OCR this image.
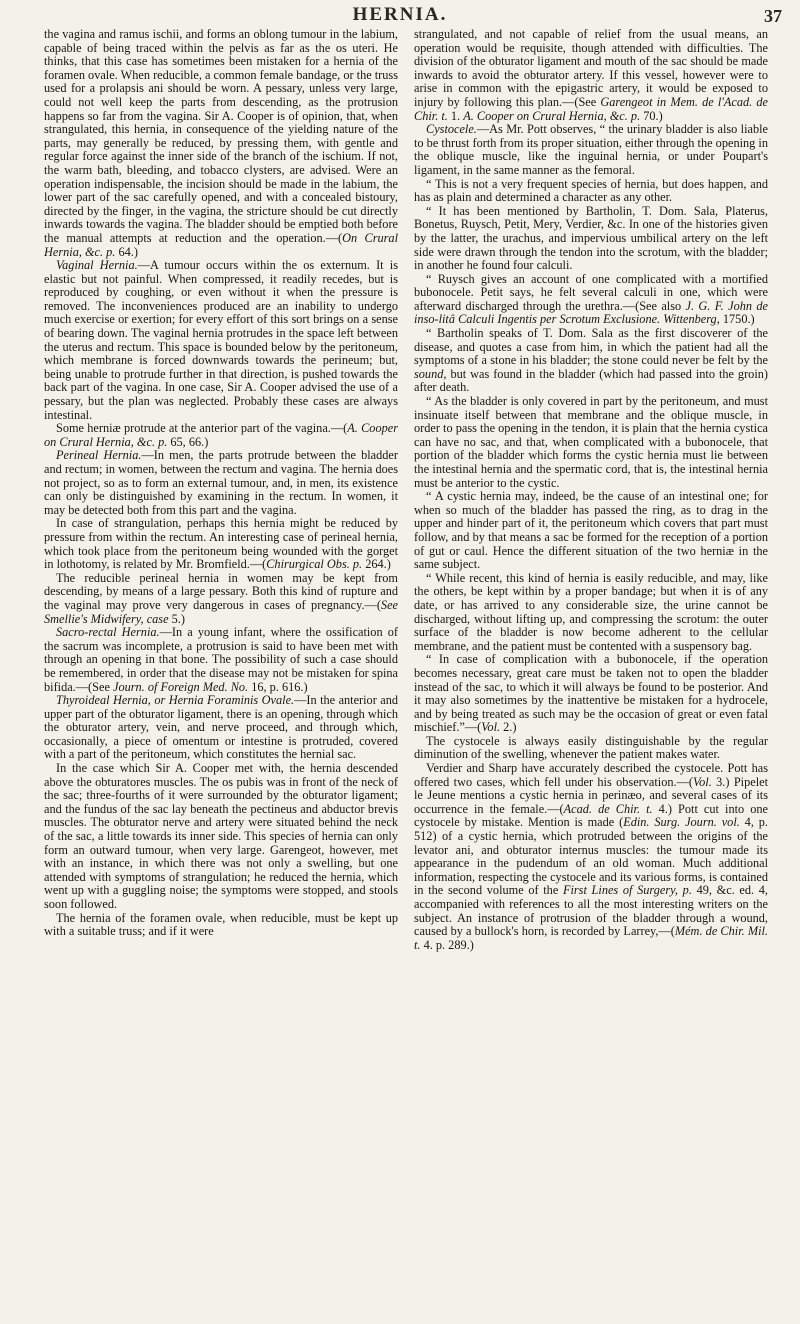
HERNIA.	37

the vagina and ramus ischii, and forms an oblong tumour in the labium, capable of being traced within the pelvis as far as the os uteri. He thinks, that this case has sometimes been mistaken for a hernia of the foramen ovale. When reducible, a common female bandage, or the truss used for a prolapsis ani should be worn. A pessary, unless very large, could not well keep the parts from descending, as the protrusion happens so far from the vagina. Sir A. Cooper is of opinion, that, when strangulated, this hernia, in consequence of the yielding nature of the parts, may generally be reduced, by pressing them, with gentle and regular force against the inner side of the branch of the ischium. If not, the warm bath, bleeding, and tobacco clysters, are advised. Were an operation indispensable, the incision should be made in the labium, the lower part of the sac carefully opened, and with a concealed bistoury, directed by the finger, in the vagina, the stricture should be cut directly inwards towards the vagina. The bladder should be emptied both before the manual attempts at reduction and the operation.—(On Crural Hernia, &c. p. 64.)

Vaginal Hernia.—A tumour occurs within the os externum. It is elastic but not painful. When compressed, it readily recedes, but is reproduced by coughing, or even without it when the pressure is removed. The inconveniences produced are an inability to undergo much exercise or exertion; for every effort of this sort brings on a sense of bearing down. The vaginal hernia protrudes in the space left between the uterus and rectum. This space is bounded below by the peritoneum, which membrane is forced downwards towards the perineum; but, being unable to protrude further in that direction, is pushed towards the back part of the vagina. In one case, Sir A. Cooper advised the use of a pessary, but the plan was neglected. Probably these cases are always intestinal.

Some herniæ protrude at the anterior part of the vagina.—(A. Cooper on Crural Hernia, &c. p. 65, 66.)

Perineal Hernia.—In men, the parts protrude between the bladder and rectum; in women, between the rectum and vagina. The hernia does not project, so as to form an external tumour, and, in men, its existence can only be distinguished by examining in the rectum. In women, it may be detected both from this part and the vagina.

In case of strangulation, perhaps this hernia might be reduced by pressure from within the rectum. An interesting case of perineal hernia, which took place from the peritoneum being wounded with the gorget in lothotomy, is related by Mr. Bromfield.—(Chirurgical Obs. p. 264.)

The reducible perineal hernia in women may be kept from descending, by means of a large pessary. Both this kind of rupture and the vaginal may prove very dangerous in cases of pregnancy.—(See Smellie's Midwifery, case 5.)

Sacro-rectal Hernia.—In a young infant, where the ossification of the sacrum was incomplete, a protrusion is said to have been met with through an opening in that bone. The possibility of such a case should be remembered, in order that the disease may not be mistaken for spina bifida.—(See Journ. of Foreign Med. No. 16, p. 616.)

Thyroideal Hernia, or Hernia Foraminis Ovale.—In the anterior and upper part of the obturator ligament, there is an opening, through which the obturator artery, vein, and nerve proceed, and through which, occasionally, a piece of omentum or intestine is protruded, covered with a part of the peritoneum, which constitutes the hernial sac.

In the case which Sir A. Cooper met with, the hernia descended above the obturatores muscles. The os pubis was in front of the neck of the sac; three-fourths of it were surrounded by the obturator ligament; and the fundus of the sac lay beneath the pectineus and abductor brevis muscles. The obturator nerve and artery were situated behind the neck of the sac, a little towards its inner side. This species of hernia can only form an outward tumour, when very large. Garengeot, however, met with an instance, in which there was not only a swelling, but one attended with symptoms of strangulation; he reduced the hernia, which went up with a guggling noise; the symptoms were stopped, and stools soon followed.

The hernia of the foramen ovale, when reducible, must be kept up with a suitable truss; and if it were

strangulated, and not capable of relief from the usual means, an operation would be requisite, though attended with difficulties. The division of the obturator ligament and mouth of the sac should be made inwards to avoid the obturator artery. If this vessel, however were to arise in common with the epigastric artery, it would be exposed to injury by following this plan.—(See Garengeot in Mem. de l'Acad. de Chir. t. 1. A. Cooper on Crural Hernia, &c. p. 70.)

Cystocele.—As Mr. Pott observes, “ the urinary bladder is also liable to be thrust forth from its proper situation, either through the opening in the oblique muscle, like the inguinal hernia, or under Poupart's ligament, in the same manner as the femoral.

“ This is not a very frequent species of hernia, but does happen, and has as plain and determined a character as any other.

“ It has been mentioned by Bartholin, T. Dom. Sala, Platerus, Bonetus, Ruysch, Petit, Mery, Verdier, &c. In one of the histories given by the latter, the urachus, and impervious umbilical artery on the left side were drawn through the tendon into the scrotum, with the bladder; in another he found four calculi.

“ Ruysch gives an account of one complicated with a mortified bubonocele. Petit says, he felt several calculi in one, which were afterward discharged through the urethra.—(See also J. G. F. John de inso-litâ Calculi Ingentis per Scrotum Exclusione. Wittenberg, 1750.)

“ Bartholin speaks of T. Dom. Sala as the first discoverer of the disease, and quotes a case from him, in which the patient had all the symptoms of a stone in his bladder; the stone could never be felt by the sound, but was found in the bladder (which had passed into the groin) after death.

“ As the bladder is only covered in part by the peritoneum, and must insinuate itself between that membrane and the oblique muscle, in order to pass the opening in the tendon, it is plain that the hernia cystica can have no sac, and that, when complicated with a bubonocele, that portion of the bladder which forms the cystic hernia must lie between the intestinal hernia and the spermatic cord, that is, the intestinal hernia must be anterior to the cystic.

“ A cystic hernia may, indeed, be the cause of an intestinal one; for when so much of the bladder has passed the ring, as to drag in the upper and hinder part of it, the peritoneum which covers that part must follow, and by that means a sac be formed for the reception of a portion of gut or caul. Hence the different situation of the two herniæ in the same subject.

“ While recent, this kind of hernia is easily reducible, and may, like the others, be kept within by a proper bandage; but when it is of any date, or has arrived to any considerable size, the urine cannot be discharged, without lifting up, and compressing the scrotum: the outer surface of the bladder is now become adherent to the cellular membrane, and the patient must be contented with a suspensory bag.

“ In case of complication with a bubonocele, if the operation becomes necessary, great care must be taken not to open the bladder instead of the sac, to which it will always be found to be posterior. And it may also sometimes by the inattentive be mistaken for a hydrocele, and by being treated as such may be the occasion of great or even fatal mischief.”—(Vol. 2.)

The cystocele is always easily distinguishable by the regular diminution of the swelling, whenever the patient makes water.

Verdier and Sharp have accurately described the cystocele. Pott has offered two cases, which fell under his observation.—(Vol. 3.) Pipelet le Jeune mentions a cystic hernia in perinæo, and several cases of its occurrence in the female.—(Acad. de Chir. t. 4.) Pott cut into one cystocele by mistake. Mention is made (Edin. Surg. Journ. vol. 4, p. 512) of a cystic hernia, which protruded between the origins of the levator ani, and obturator internus muscles: the tumour made its appearance in the pudendum of an old woman. Much additional information, respecting the cystocele and its various forms, is contained in the second volume of the First Lines of Surgery, p. 49, &c. ed. 4, accompanied with references to all the most interesting writers on the subject. An instance of protrusion of the bladder through a wound, caused by a bullock's horn, is recorded by Larrey,—(Mém. de Chir. Mil. t. 4. p. 289.)
